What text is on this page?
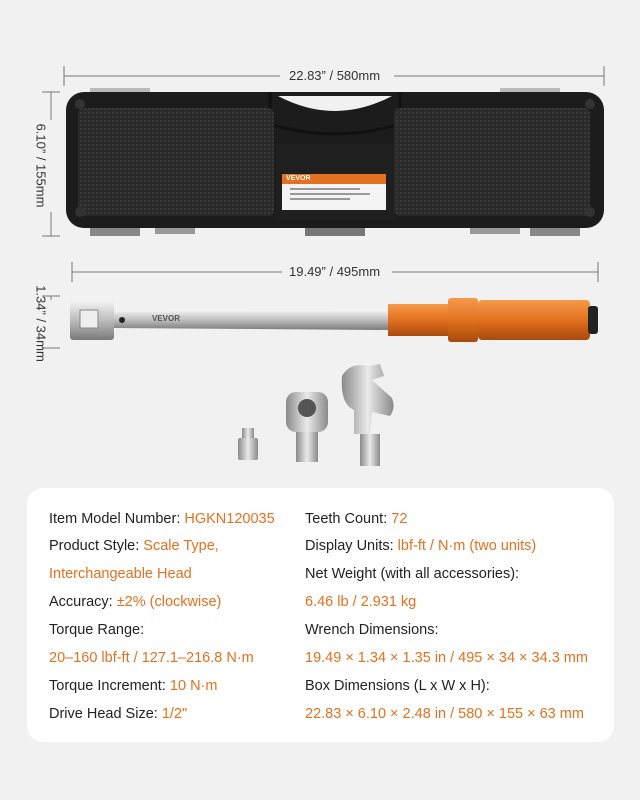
22.83” / 580mm
6.10” / 155mm
19.49” / 495mm
1.34” / 34mm
VEVOR
VEVOR
Item Model Number: HGKN120035
Product Style: Scale Type,
Interchangeable Head
Accuracy: ±2% (clockwise)
Torque Range:
20–160 lbf-ft / 127.1–216.8 N·m
Torque Increment: 10 N·m
Drive Head Size: 1/2"
Teeth Count: 72
Display Units: lbf-ft / N·m (two units)
Net Weight (with all accessories):
6.46 lb / 2.931 kg
Wrench Dimensions:
19.49 × 1.34 × 1.35 in / 495 × 34 × 34.3 mm
Box Dimensions (L x W x H):
22.83 × 6.10 × 2.48 in / 580 × 155 × 63 mm
